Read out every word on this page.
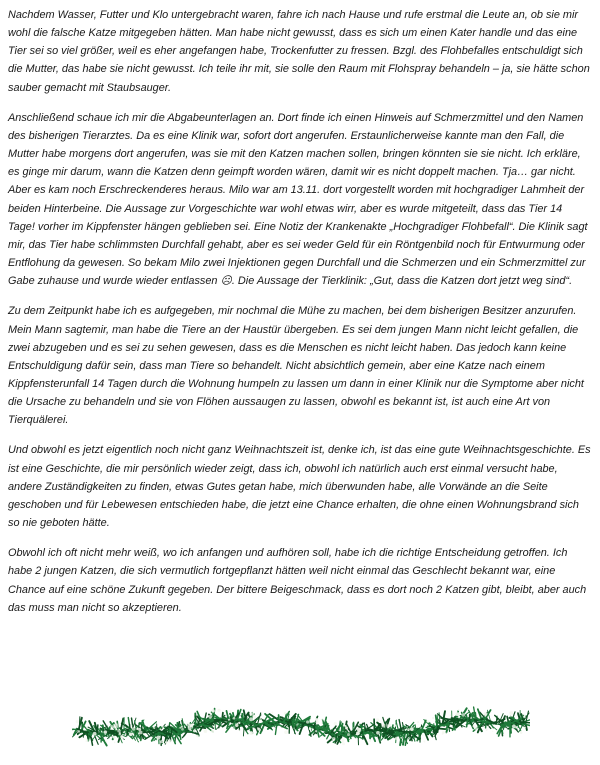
Nachdem Wasser, Futter und Klo untergebracht waren, fahre ich nach Hause und rufe erstmal die Leute an, ob sie mir wohl die falsche Katze mitgegeben hätten. Man habe nicht gewusst, dass es sich um einen Kater handle und das eine Tier sei so viel größer, weil es eher angefangen habe, Trockenfutter zu fressen. Bzgl. des Flohbefalles entschuldigt sich die Mutter, das habe sie nicht gewusst. Ich teile ihr mit, sie solle den Raum mit Flohspray behandeln – ja, sie hätte schon sauber gemacht mit Staubsauger.

Anschließend schaue ich mir die Abgabeunterlagen an. Dort finde ich einen Hinweis auf Schmerzmittel und den Namen des bisherigen Tierarztes. Da es eine Klinik war, sofort dort angerufen. Erstaunlicherweise kannte man den Fall, die Mutter habe morgens dort angerufen, was sie mit den Katzen machen sollen, bringen könnten sie sie nicht. Ich erkläre, es ginge mir darum, wann die Katzen denn geimpft worden wären, damit wir es nicht doppelt machen. Tja… gar nicht. Aber es kam noch Erschreckenderes heraus. Milo war am 13.11. dort vorgestellt worden mit hochgradiger Lahmheit der beiden Hinterbeine. Die Aussage zur Vorgeschichte war wohl etwas wirr, aber es wurde mitgeteilt, dass das Tier 14 Tage! vorher im Kippfenster hängen geblieben sei. Eine Notiz der Krankenakte „Hochgradiger Flohbefall“. Die Klinik sagt mir, das Tier habe schlimmsten Durchfall gehabt, aber es sei weder Geld für ein Röntgenbild noch für Entwurmung oder Entflohung da gewesen. So bekam Milo zwei Injektionen gegen Durchfall und die Schmerzen und ein Schmerzmittel zur Gabe zuhause und wurde wieder entlassen ☹. Die Aussage der Tierklinik: „Gut, dass die Katzen dort jetzt weg sind“.

Zu dem Zeitpunkt habe ich es aufgegeben, mir nochmal die Mühe zu machen, bei dem bisherigen Besitzer anzurufen. Mein Mann sagtemir, man habe die Tiere an der Haustür übergeben. Es sei dem jungen Mann nicht leicht gefallen, die zwei abzugeben und es sei zu sehen gewesen, dass es die Menschen es nicht leicht haben. Das jedoch kann keine Entschuldigung dafür sein, dass man Tiere so behandelt. Nicht absichtlich gemein, aber eine Katze nach einem Kippfensterunfall 14 Tagen durch die Wohnung humpeln zu lassen um dann in einer Klinik nur die Symptome aber nicht die Ursache zu behandeln und sie von Flöhen aussaugen zu lassen, obwohl es bekannt ist, ist auch eine Art von Tierquälerei.

Und obwohl es jetzt eigentlich noch nicht ganz Weihnachtszeit ist, denke ich, ist das eine gute Weihnachtsgeschichte. Es ist eine Geschichte, die mir persönlich wieder zeigt, dass ich, obwohl ich natürlich auch erst einmal versucht habe, andere Zuständigkeiten zu finden, etwas Gutes getan habe, mich überwunden habe, alle Vorwände an die Seite geschoben und für Lebewesen entschieden habe, die jetzt eine Chance erhalten, die ohne einen Wohnungsbrand sich so nie geboten hätte.

Obwohl ich oft nicht mehr weiß, wo ich anfangen und aufhören soll, habe ich die richtige Entscheidung getroffen. Ich habe 2 jungen Katzen, die sich vermutlich fortgepflanzt hätten weil nicht einmal das Geschlecht bekannt war, eine Chance auf eine schöne Zukunft gegeben. Der bittere Beigeschmack, dass es dort noch 2 Katzen gibt, bleibt, aber auch das muss man nicht so akzeptieren.
